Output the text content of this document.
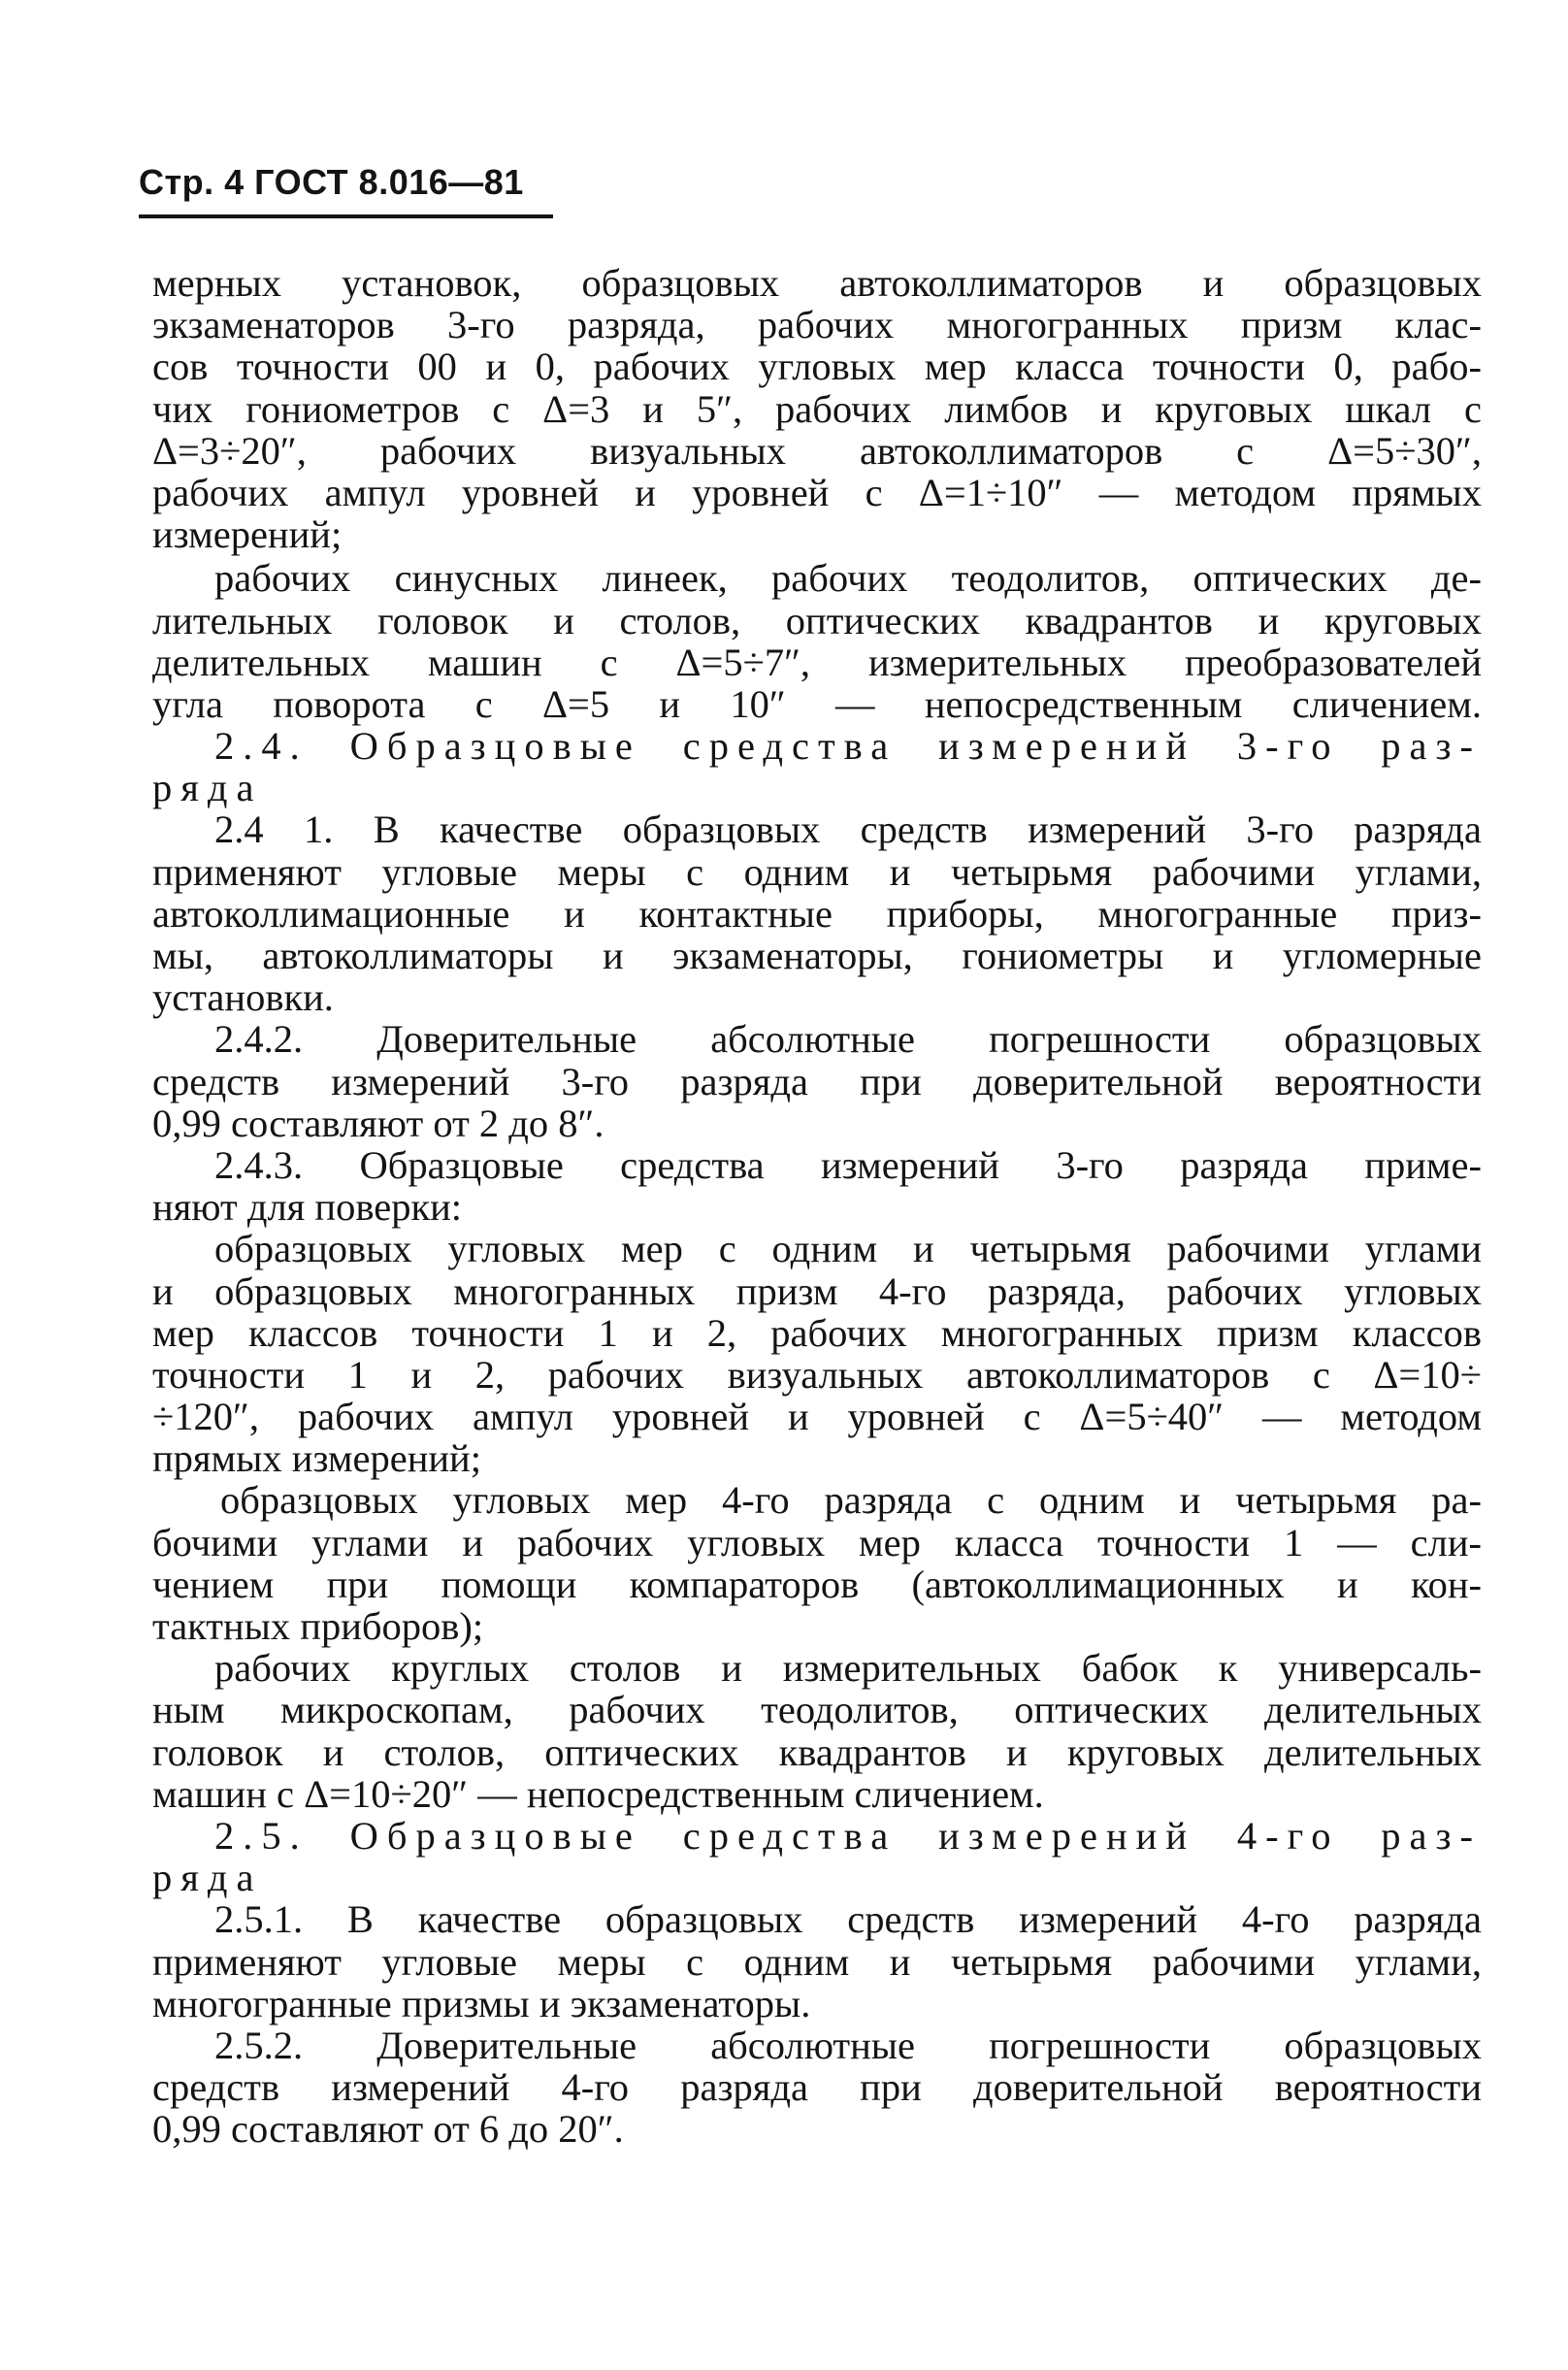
Стр. 4 ГОСТ 8.016—81
мерных установок, образцовых автоколлиматоров и образцовых
экзаменаторов 3-го разряда, рабочих многогранных призм клас-
сов точности 00 и 0, рабочих угловых мер класса точности 0, рабо-
чих гониометров с Δ=3 и 5″, рабочих лимбов и круговых шкал с
Δ=3÷20″, рабочих визуальных автоколлиматоров с Δ=5÷30″,
рабочих ампул уровней и уровней с Δ=1÷10″ — методом прямых
измерений;
рабочих синусных линеек, рабочих теодолитов, оптических де-
лительных головок и столов, оптических квадрантов и круговых
делительных машин с Δ=5÷7″, измерительных преобразователей
угла поворота с Δ=5 и 10″ — непосредственным сличением.
2.4. Образцовые средства измерений 3-го раз-
ряда
2.4 1. В качестве образцовых средств измерений 3-го разряда
применяют угловые меры с одним и четырьмя рабочими углами,
автоколлимационные и контактные приборы, многогранные приз-
мы, автоколлиматоры и экзаменаторы, гониометры и угломерные
установки.
2.4.2. Доверительные абсолютные погрешности образцовых
средств измерений 3-го разряда при доверительной вероятности
0,99 составляют от 2 до 8″.
2.4.3. Образцовые средства измерений 3-го разряда приме-
няют для поверки:
образцовых угловых мер с одним и четырьмя рабочими углами
и образцовых многогранных призм 4-го разряда, рабочих угловых
мер классов точности 1 и 2, рабочих многогранных призм классов
точности 1 и 2, рабочих визуальных автоколлиматоров с Δ=10÷
÷120″, рабочих ампул уровней и уровней с Δ=5÷40″ — методом
прямых измерений;
образцовых угловых мер 4-го разряда с одним и четырьмя ра-
бочими углами и рабочих угловых мер класса точности 1 — сли-
чением при помощи компараторов (автоколлимационных и кон-
тактных приборов);
рабочих круглых столов и измерительных бабок к универсаль-
ным микроскопам, рабочих теодолитов, оптических делительных
головок и столов, оптических квадрантов и круговых делительных
машин с Δ=10÷20″ — непосредственным сличением.
2.5. Образцовые средства измерений 4-го раз-
ряда
2.5.1. В качестве образцовых средств измерений 4-го разряда
применяют угловые меры с одним и четырьмя рабочими углами,
многогранные призмы и экзаменаторы.
2.5.2. Доверительные абсолютные погрешности образцовых
средств измерений 4-го разряда при доверительной вероятности
0,99 составляют от 6 до 20″.
